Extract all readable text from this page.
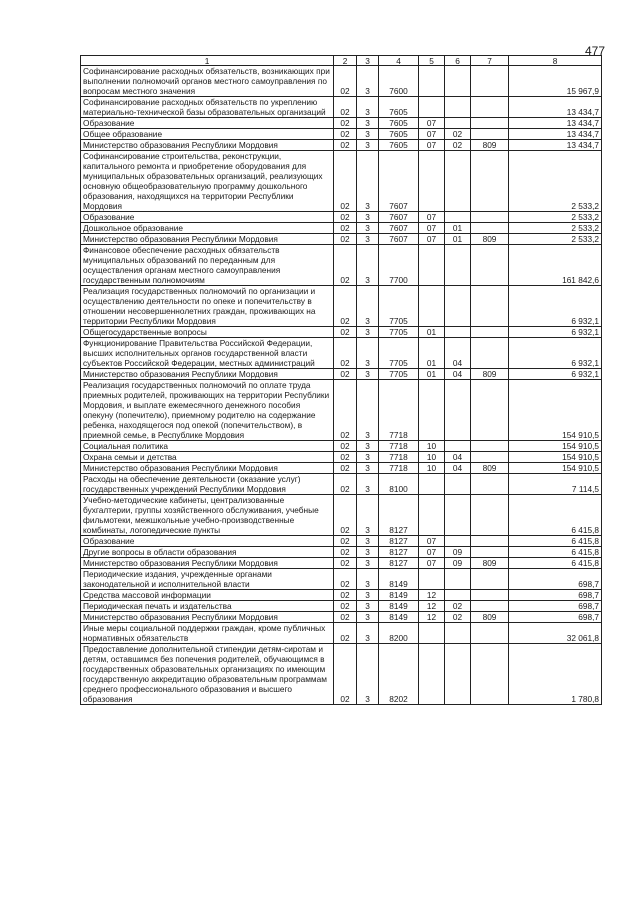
477
1	2	3	4	5	6	7	8
Софинансирование расходных обязательств, возникающих при выполнении полномочий органов местного самоуправления по вопросам местного значения	02	3	7600				15 967,9
Софинансирование расходных обязательств по укреплению материально-технической базы образовательных организаций	02	3	7605				13 434,7
Образование	02	3	7605	07			13 434,7
Общее образование	02	3	7605	07	02		13 434,7
Министерство образования Республики Мордовия	02	3	7605	07	02	809	13 434,7
Софинансирование строительства, реконструкции, капитального ремонта и приобретение оборудования для муниципальных образовательных организаций, реализующих основную общеобразовательную программу дошкольного образования, находящихся на территории Республики Мордовия	02	3	7607				2 533,2
Образование	02	3	7607	07			2 533,2
Дошкольное образование	02	3	7607	07	01		2 533,2
Министерство образования Республики Мордовия	02	3	7607	07	01	809	2 533,2
Финансовое обеспечение расходных обязательств муниципальных образований по переданным для осуществления органам местного самоуправления государственным полномочиям	02	3	7700				161 842,6
Реализация государственных полномочий по организации и осуществлению деятельности по опеке и попечительству в отношении несовершеннолетних граждан, проживающих на территории Республики Мордовия	02	3	7705				6 932,1
Общегосударственные вопросы	02	3	7705	01			6 932,1
Функционирование Правительства Российской Федерации, высших исполнительных органов государственной власти субъектов Российской Федерации, местных администраций	02	3	7705	01	04		6 932,1
Министерство образования Республики Мордовия	02	3	7705	01	04	809	6 932,1
Реализация государственных полномочий по оплате труда приемных родителей, проживающих на территории Республики Мордовия, и выплате ежемесячного денежного пособия опекуну (попечителю), приемному родителю на содержание ребенка, находящегося под опекой (попечительством), в приемной семье, в Республике Мордовия	02	3	7718				154 910,5
Социальная политика	02	3	7718	10			154 910,5
Охрана семьи и детства	02	3	7718	10	04		154 910,5
Министерство образования Республики Мордовия	02	3	7718	10	04	809	154 910,5
Расходы на обеспечение деятельности (оказание услуг) государственных учреждений Республики Мордовия	02	3	8100				7 114,5
Учебно-методические кабинеты, централизованные бухгалтерии, группы хозяйственного обслуживания, учебные фильмотеки, межшкольные учебно-производственные комбинаты, логопедические пункты	02	3	8127				6 415,8
Образование	02	3	8127	07			6 415,8
Другие вопросы в области образования	02	3	8127	07	09		6 415,8
Министерство образования Республики Мордовия	02	3	8127	07	09	809	6 415,8
Периодические издания, учрежденные органами законодательной и исполнительной власти	02	3	8149				698,7
Средства массовой информации	02	3	8149	12			698,7
Периодическая печать и издательства	02	3	8149	12	02		698,7
Министерство образования Республики Мордовия	02	3	8149	12	02	809	698,7
Иные меры социальной поддержки граждан, кроме публичных нормативных обязательств	02	3	8200				32 061,8
Предоставление дополнительной стипендии детям-сиротам и детям, оставшимся без попечения родителей, обучающимся в государственных образовательных организациях по имеющим государственную аккредитацию образовательным программам среднего профессионального образования и высшего образования	02	3	8202				1 780,8
